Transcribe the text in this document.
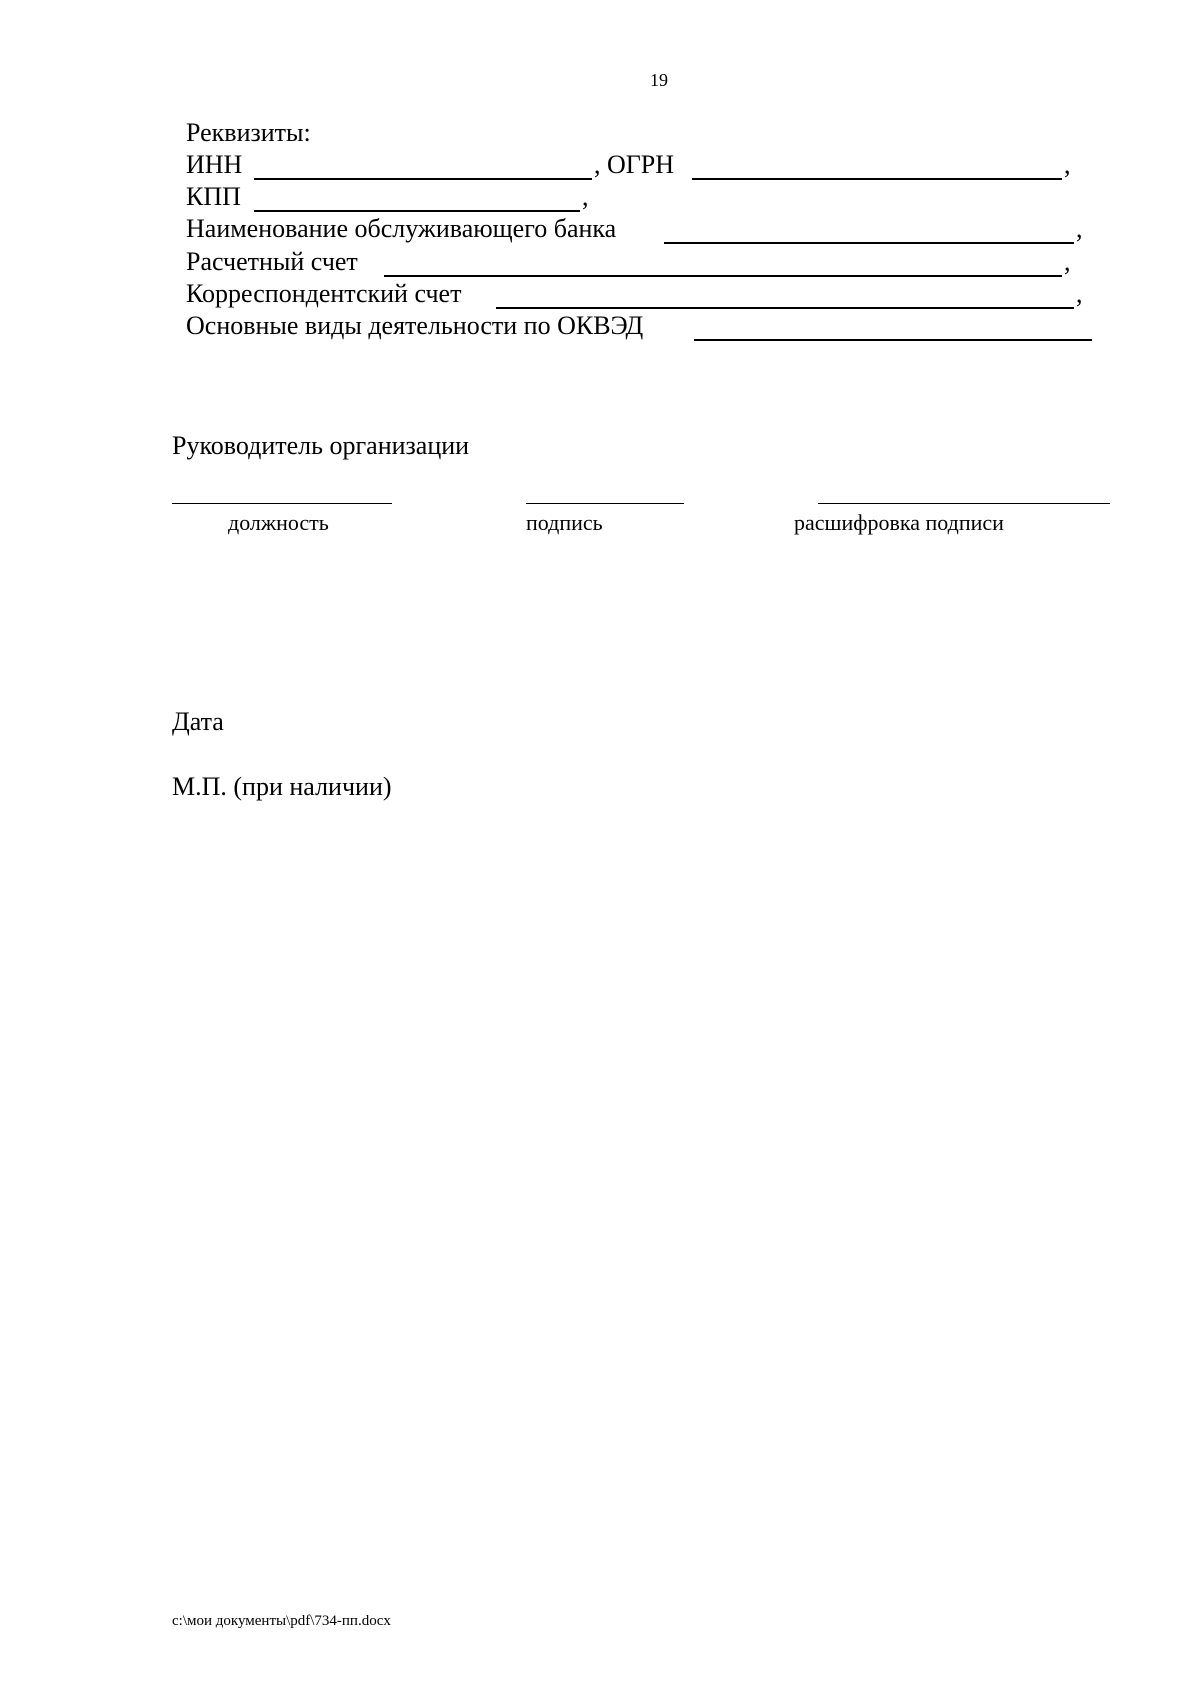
19
Реквизиты:
ИНН	, ОГРН	,
КПП	,
Наименование обслуживающего банка	,
Расчетный счет	,
Корреспондентский счет	,
Основные виды деятельности по ОКВЭД
Руководитель организации
должность	подпись	расшифровка подписи
Дата
М.П. (при наличии)
c:\мои документы\pdf\734-пп.docx
